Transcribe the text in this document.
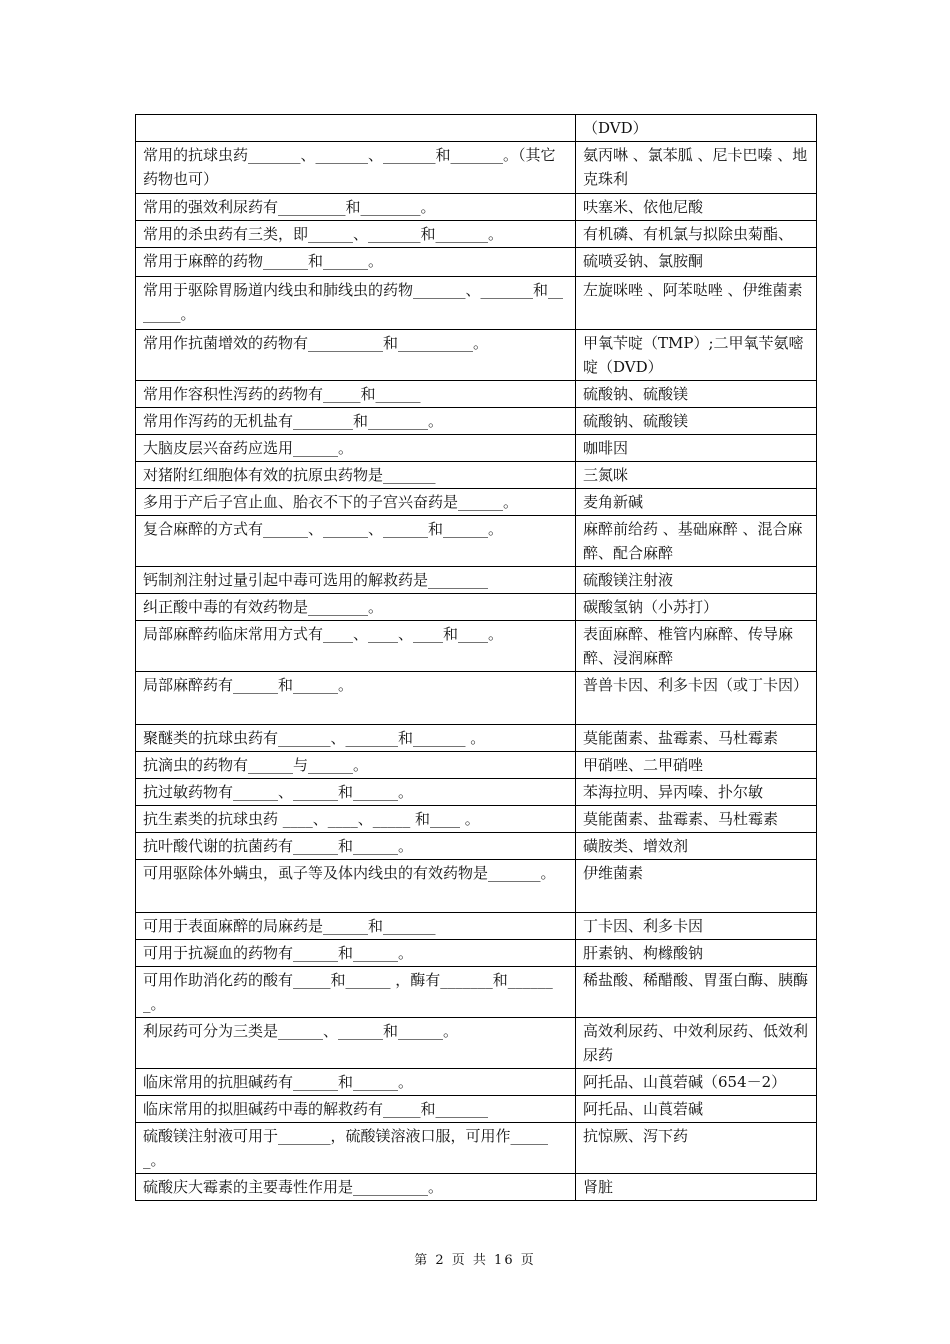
	（DVD）
常用的抗球虫药_______、_______、_______和_______。（其它药物也可）	氨丙啉 、氯苯胍 、尼卡巴嗪 、地克珠利
常用的强效利尿药有_________和________。	呋塞米、依他尼酸
常用的杀虫药有三类，即______、_______和_______。	有机磷、有机氯与拟除虫菊酯、
常用于麻醉的药物______和______。	硫喷妥钠、氯胺酮
常用于驱除胃肠道内线虫和肺线虫的药物_______、_______和_______。	左旋咪唑 、阿苯哒唑 、伊维菌素
常用作抗菌增效的药物有__________和__________。	甲氧苄啶（TMP）;二甲氧苄氨嘧啶（DVD）
常用作容积性泻药的药物有_____和______	硫酸钠、硫酸镁
常用作泻药的无机盐有________和________。	硫酸钠、硫酸镁
大脑皮层兴奋药应选用______。	咖啡因
对猪附红细胞体有效的抗原虫药物是_______	三氮咪
多用于产后子宫止血、胎衣不下的子宫兴奋药是______。	麦角新碱
复合麻醉的方式有______、______、______和______。	麻醉前给药 、基础麻醉 、混合麻醉、配合麻醉
钙制剂注射过量引起中毒可选用的解救药是________	硫酸镁注射液
纠正酸中毒的有效药物是________。	碳酸氢钠（小苏打）
局部麻醉药临床常用方式有____、____、____和____。	表面麻醉、椎管内麻醉、传导麻醉、浸润麻醉
局部麻醉药有______和______。	普兽卡因、利多卡因（或丁卡因）
聚醚类的抗球虫药有_______、_______和_______ 。	莫能菌素、盐霉素、马杜霉素
抗滴虫的药物有______与______。	甲硝唑、二甲硝唑
抗过敏药物有______、______和______。	苯海拉明、异丙嗪、扑尔敏
抗生素类的抗球虫药 ____、____、_____ 和____ 。	莫能菌素、盐霉素、马杜霉素
抗叶酸代谢的抗菌药有______和______。	磺胺类、增效剂
可用驱除体外螨虫，虱子等及体内线虫的有效药物是_______。	伊维菌素
可用于表面麻醉的局麻药是______和_______	丁卡因、利多卡因
可用于抗凝血的药物有______和______。	肝素钠、枸橼酸钠
可用作助消化药的酸有_____和______ ，酶有_______和_______。	稀盐酸、稀醋酸、胃蛋白酶、胰酶
利尿药可分为三类是______、______和______。	高效利尿药、中效利尿药、低效利尿药
临床常用的抗胆碱药有______和______。	阿托品、山莨菪碱（654－2）
临床常用的拟胆碱药中毒的解救药有_____和_______	阿托品、山莨菪碱
硫酸镁注射液可用于_______，硫酸镁溶液口服，可用作______。	抗惊厥、泻下药
硫酸庆大霉素的主要毒性作用是__________。	肾脏
第 2 页 共 16 页
